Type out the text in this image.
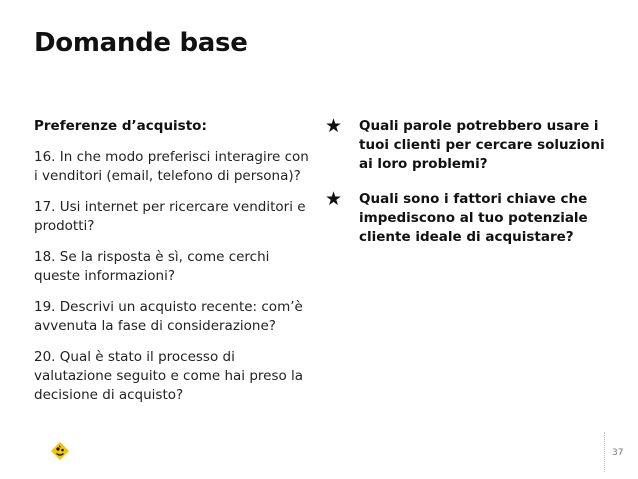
Domande base

Preferenze d’acquisto:

16. In che modo preferisci interagire con i venditori (email, telefono di persona)?

17. Usi internet per ricercare venditori e prodotti?

18. Se la risposta è sì, come cerchi queste informazioni?

19. Descrivi un acquisto recente: com’è avvenuta la fase di considerazione?

20. Qual è stato il processo di valutazione seguito e come hai preso la decisione di acquisto?

★	Quali parole potrebbero usare i tuoi clienti per cercare soluzioni ai loro problemi?
★	Quali sono i fattori chiave che impediscono al tuo potenziale cliente ideale di acquistare?
37
